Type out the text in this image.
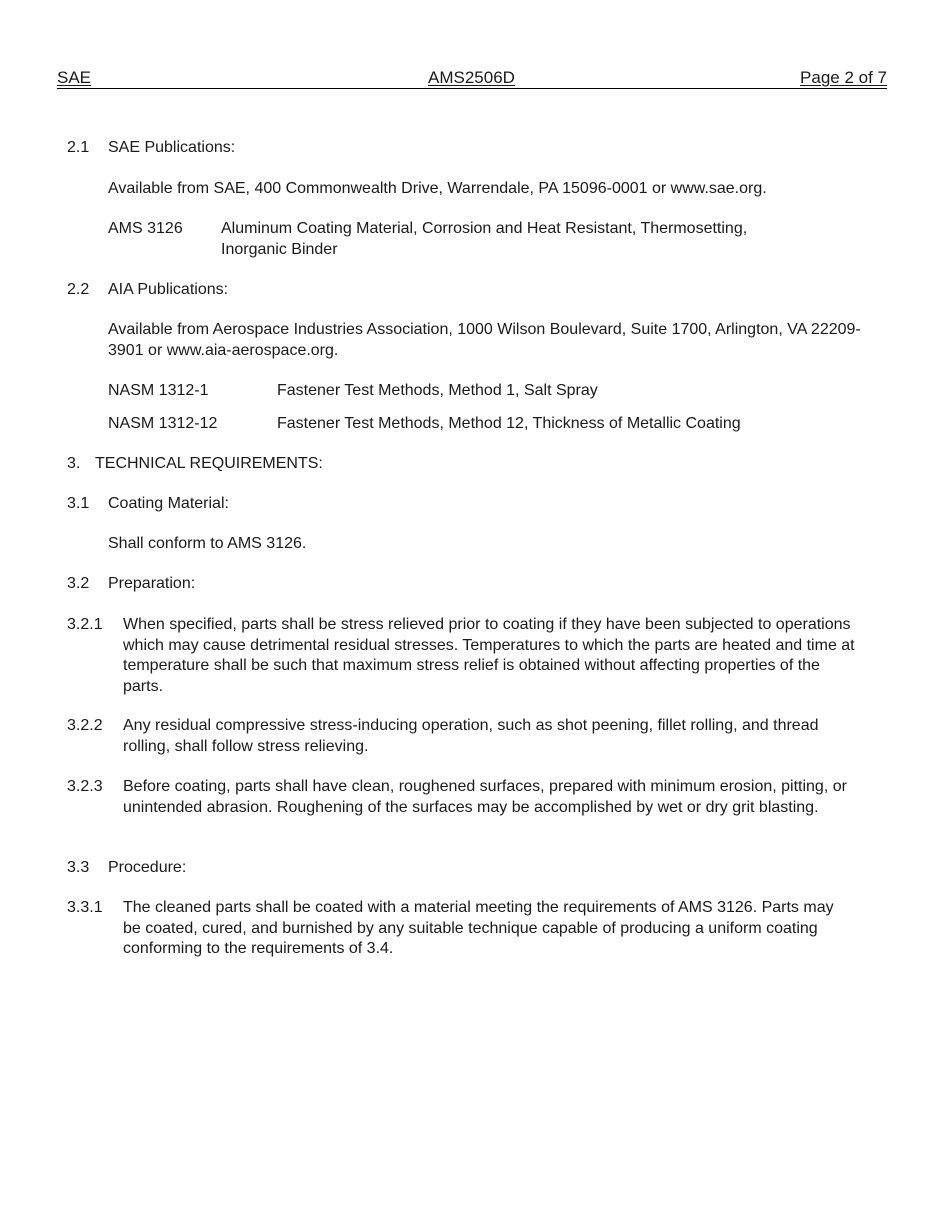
SAE	AMS2506D	Page 2 of 7
2.1 SAE Publications:
Available from SAE, 400 Commonwealth Drive, Warrendale, PA 15096-0001 or www.sae.org.
AMS 3126 Aluminum Coating Material, Corrosion and Heat Resistant, Thermosetting, Inorganic Binder
2.2 AIA Publications:
Available from Aerospace Industries Association, 1000 Wilson Boulevard, Suite 1700, Arlington, VA 22209-3901 or www.aia-aerospace.org.
NASM 1312-1	Fastener Test Methods, Method 1, Salt Spray
NASM 1312-12	Fastener Test Methods, Method 12, Thickness of Metallic Coating
3. TECHNICAL REQUIREMENTS:
3.1 Coating Material:
Shall conform to AMS 3126.
3.2 Preparation:
3.2.1 When specified, parts shall be stress relieved prior to coating if they have been subjected to operations which may cause detrimental residual stresses. Temperatures to which the parts are heated and time at temperature shall be such that maximum stress relief is obtained without affecting properties of the parts.
3.2.2 Any residual compressive stress-inducing operation, such as shot peening, fillet rolling, and thread rolling, shall follow stress relieving.
3.2.3 Before coating, parts shall have clean, roughened surfaces, prepared with minimum erosion, pitting, or unintended abrasion. Roughening of the surfaces may be accomplished by wet or dry grit blasting.
3.3 Procedure:
3.3.1 The cleaned parts shall be coated with a material meeting the requirements of AMS 3126. Parts may be coated, cured, and burnished by any suitable technique capable of producing a uniform coating conforming to the requirements of 3.4.
